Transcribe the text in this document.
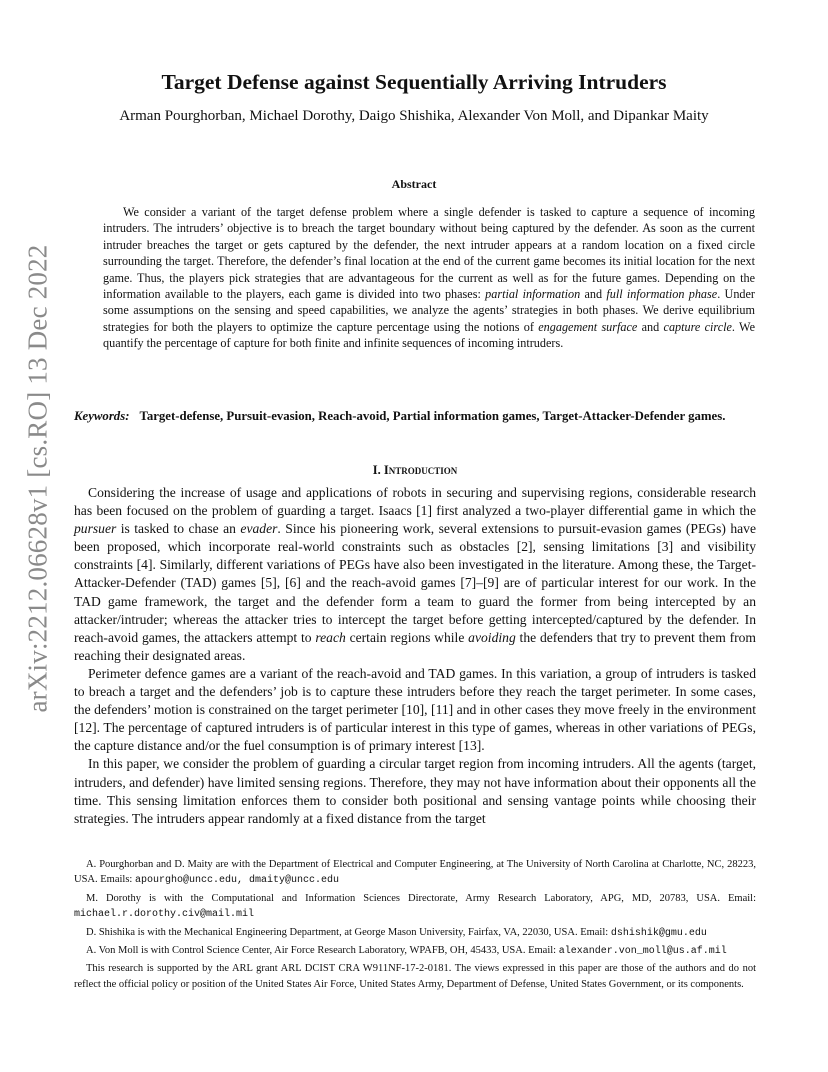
arXiv:2212.06628v1 [cs.RO] 13 Dec 2022
Target Defense against Sequentially Arriving Intruders

Arman Pourghorban, Michael Dorothy, Daigo Shishika, Alexander Von Moll, and Dipankar Maity

Abstract

We consider a variant of the target defense problem where a single defender is tasked to capture a sequence of incoming intruders. The intruders’ objective is to breach the target boundary without being captured by the defender. As soon as the current intruder breaches the target or gets captured by the defender, the next intruder appears at a random location on a fixed circle surrounding the target. Therefore, the defender’s final location at the end of the current game becomes its initial location for the next game. Thus, the players pick strategies that are advantageous for the current as well as for the future games. Depending on the information available to the players, each game is divided into two phases: partial information and full information phase. Under some assumptions on the sensing and speed capabilities, we analyze the agents’ strategies in both phases. We derive equilibrium strategies for both the players to optimize the capture percentage using the notions of engagement surface and capture circle. We quantify the percentage of capture for both finite and infinite sequences of incoming intruders.

Keywords: Target-defense, Pursuit-evasion, Reach-avoid, Partial information games, Target-Attacker-Defender games.

I. Introduction

Considering the increase of usage and applications of robots in securing and supervising regions, considerable research has been focused on the problem of guarding a target. Isaacs [1] first analyzed a two-player differential game in which the pursuer is tasked to chase an evader. Since his pioneering work, several extensions to pursuit-evasion games (PEGs) have been proposed, which incorporate real-world constraints such as obstacles [2], sensing limitations [3] and visibility constraints [4]. Similarly, different variations of PEGs have also been investigated in the literature. Among these, the Target-Attacker-Defender (TAD) games [5], [6] and the reach-avoid games [7]–[9] are of particular interest for our work. In the TAD game framework, the target and the defender form a team to guard the former from being intercepted by an attacker/intruder; whereas the attacker tries to intercept the target before getting intercepted/captured by the defender. In reach-avoid games, the attackers attempt to reach certain regions while avoiding the defenders that try to prevent them from reaching their designated areas.

Perimeter defence games are a variant of the reach-avoid and TAD games. In this variation, a group of intruders is tasked to breach a target and the defenders’ job is to capture these intruders before they reach the target perimeter. In some cases, the defenders’ motion is constrained on the target perimeter [10], [11] and in other cases they move freely in the environment [12]. The percentage of captured intruders is of particular interest in this type of games, whereas in other variations of PEGs, the capture distance and/or the fuel consumption is of primary interest [13].

In this paper, we consider the problem of guarding a circular target region from incoming intruders. All the agents (target, intruders, and defender) have limited sensing regions. Therefore, they may not have information about their opponents all the time. This sensing limitation enforces them to consider both positional and sensing vantage points while choosing their strategies. The intruders appear randomly at a fixed distance from the target

A. Pourghorban and D. Maity are with the Department of Electrical and Computer Engineering, at The University of North Carolina at Charlotte, NC, 28223, USA. Emails: apourgho@uncc.edu, dmaity@uncc.edu

M. Dorothy is with the Computational and Information Sciences Directorate, Army Research Laboratory, APG, MD, 20783, USA. Email: michael.r.dorothy.civ@mail.mil

D. Shishika is with the Mechanical Engineering Department, at George Mason University, Fairfax, VA, 22030, USA. Email: dshishik@gmu.edu

A. Von Moll is with Control Science Center, Air Force Research Laboratory, WPAFB, OH, 45433, USA. Email: alexander.von_moll@us.af.mil

This research is supported by the ARL grant ARL DCIST CRA W911NF-17-2-0181. The views expressed in this paper are those of the authors and do not reflect the official policy or position of the United States Air Force, United States Army, Department of Defense, United States Government, or its components.
